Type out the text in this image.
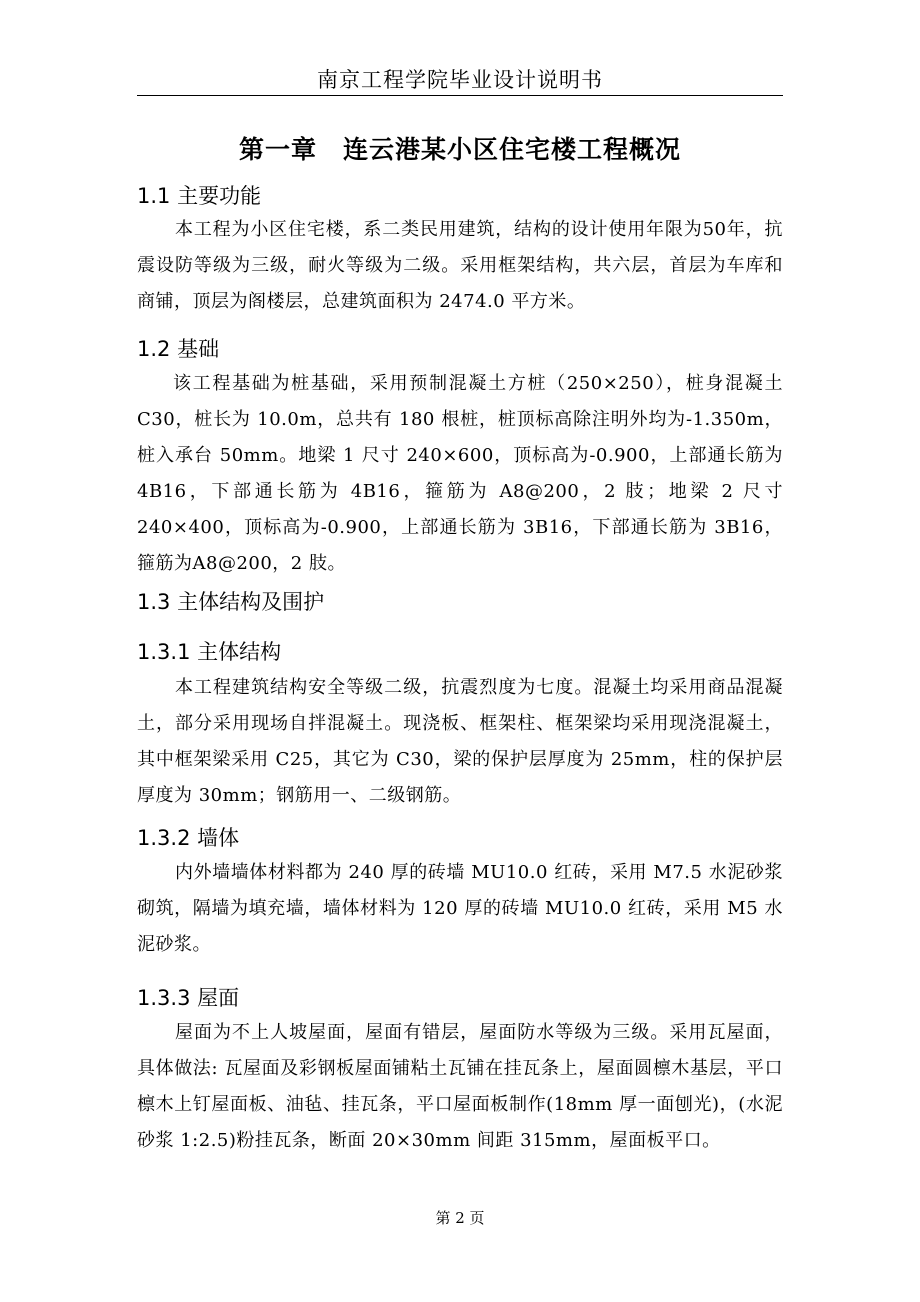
南京工程学院毕业设计说明书
第一章　连云港某小区住宅楼工程概况
1.1 主要功能

本工程为小区住宅楼，系二类民用建筑，结构的设计使用年限为50年，抗震设防等级为三级，耐火等级为二级。采用框架结构，共六层，首层为车库和商铺，顶层为阁楼层，总建筑面积为 2474.0 平方米。

1.2 基础

该工程基础为桩基础，采用预制混凝土方桩（250×250），桩身混凝土C30，桩长为 10.0m，总共有 180 根桩，桩顶标高除注明外均为-1.350m，桩入承台 50mm。地梁 1 尺寸 240×600，顶标高为-0.900，上部通长筋为4B16，下部通长筋为 4B16，箍筋为 A8@200，2 肢；地梁 2 尺寸 240×400，顶标高为-0.900，上部通长筋为 3B16，下部通长筋为 3B16，箍筋为A8@200，2 肢。

1.3 主体结构及围护
1.3.1 主体结构

本工程建筑结构安全等级二级，抗震烈度为七度。混凝土均采用商品混凝土，部分采用现场自拌混凝土。现浇板、框架柱、框架梁均采用现浇混凝土，其中框架梁采用 C25，其它为 C30，梁的保护层厚度为 25mm，柱的保护层厚度为 30mm；钢筋用一、二级钢筋。

1.3.2 墙体

内外墙墙体材料都为 240 厚的砖墙 MU10.0 红砖，采用 M7.5 水泥砂浆砌筑，隔墙为填充墙，墙体材料为 120 厚的砖墙 MU10.0 红砖，采用 M5 水泥砂浆。

1.3.3 屋面

屋面为不上人坡屋面，屋面有错层，屋面防水等级为三级。采用瓦屋面，具体做法: 瓦屋面及彩钢板屋面铺粘土瓦铺在挂瓦条上，屋面圆檩木基层，平口檩木上钉屋面板、油毡、挂瓦条，平口屋面板制作(18mm 厚一面刨光)，(水泥砂浆 1:2.5)粉挂瓦条，断面 20×30mm 间距 315mm，屋面板平口。

第 2 页
